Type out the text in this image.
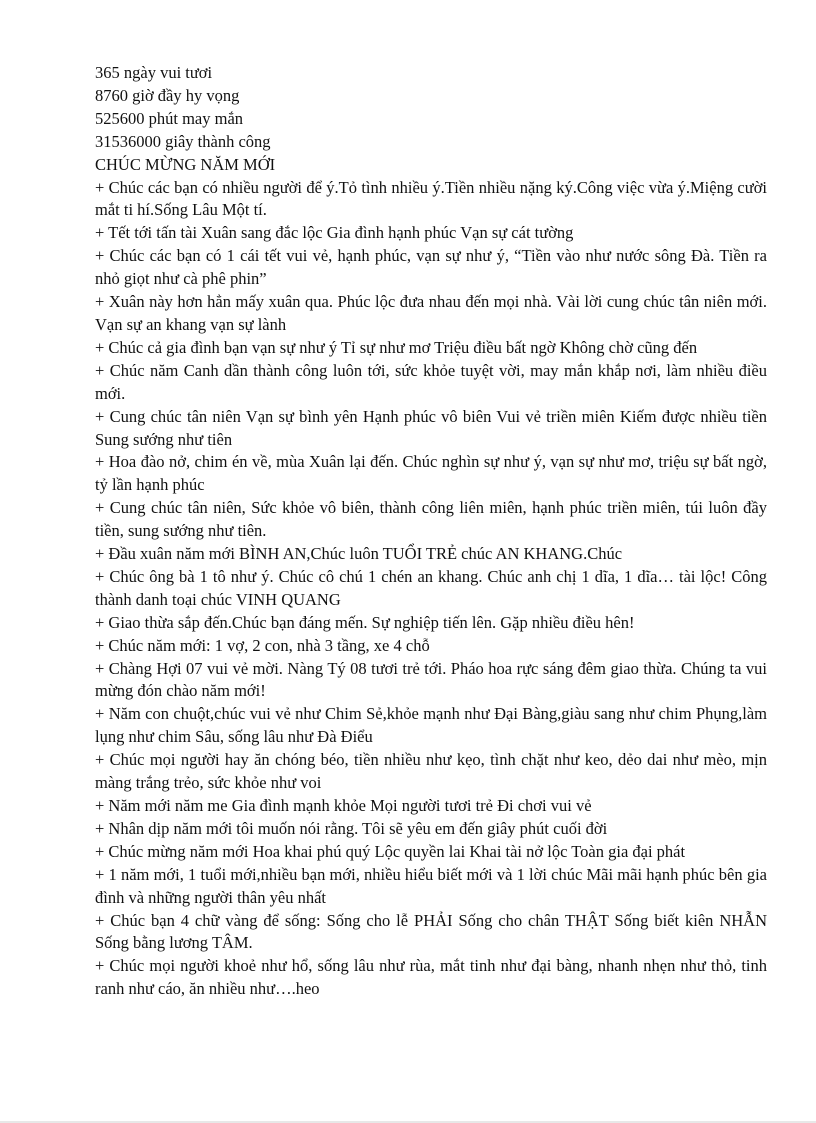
365 ngày vui tươi

8760 giờ đầy hy vọng

525600 phút may mắn

31536000 giây thành công

CHÚC MỪNG NĂM MỚI

+ Chúc các bạn có nhiều người để ý.Tỏ tình nhiều ý.Tiền nhiều nặng ký.Công việc vừa ý.Miệng cười mắt ti hí.Sống Lâu Một tí.

+ Tết tới tấn tài Xuân sang đắc lộc Gia đình hạnh phúc Vạn sự cát tường

+ Chúc các bạn có 1 cái tết vui vẻ, hạnh phúc, vạn sự như ý, “Tiền vào như nước sông Đà. Tiền ra nhỏ giọt như cà phê phin”

+ Xuân này hơn hẳn mấy xuân qua. Phúc lộc đưa nhau đến mọi nhà. Vài lời cung chúc tân niên mới. Vạn sự an khang vạn sự lành

+ Chúc cả gia đình bạn vạn sự như ý Tỉ sự như mơ Triệu điều bất ngờ Không chờ cũng đến

+ Chúc năm Canh dần thành công luôn tới, sức khỏe tuyệt vời, may mắn khắp nơi, làm nhiều điều mới.

+ Cung chúc tân niên Vạn sự bình yên Hạnh phúc vô biên Vui vẻ triền miên Kiếm được nhiều tiền Sung sướng như tiên

+ Hoa đào nở, chim én về, mùa Xuân lại đến. Chúc nghìn sự như ý, vạn sự như mơ, triệu sự bất ngờ, tỷ lần hạnh phúc

+ Cung chúc tân niên, Sức khỏe vô biên, thành công liên miên, hạnh phúc triền miên, túi luôn đầy tiền, sung sướng như tiên.

+ Đầu xuân năm mới BÌNH AN,Chúc luôn TUỔI TRẺ chúc AN KHANG.Chúc

+ Chúc ông bà 1 tô như ý. Chúc cô chú 1 chén an khang. Chúc anh chị 1 dĩa, 1 dĩa… tài lộc! Công thành danh toại chúc VINH QUANG

+ Giao thừa sắp đến.Chúc bạn đáng mến. Sự nghiệp tiến lên. Gặp nhiều điều hên!

+ Chúc năm mới: 1 vợ, 2 con, nhà 3 tầng, xe 4 chỗ

+ Chàng Hợi 07 vui vẻ mời. Nàng Tý 08 tươi trẻ tới. Pháo hoa rực sáng đêm giao thừa. Chúng ta vui mừng đón chào năm mới!

+ Năm con chuột,chúc vui vẻ như Chim Sẻ,khỏe mạnh như Đại Bàng,giàu sang như chim Phụng,làm lụng như chim Sâu, sống lâu như Đà Điểu

+ Chúc mọi người hay ăn chóng béo, tiền nhiều như kẹo, tình chặt như keo, dẻo dai như mèo, mịn màng trắng trẻo, sức khỏe như voi

+ Năm mới năm me Gia đình mạnh khỏe Mọi người tươi trẻ Đi chơi vui vẻ

+ Nhân dịp năm mới tôi muốn nói rằng. Tôi sẽ yêu em đến giây phút cuối đời

+ Chúc mừng năm mới Hoa khai phú quý Lộc quyền lai Khai tài nở lộc Toàn gia đại phát

+ 1 năm mới, 1 tuổi mới,nhiều bạn mới, nhiều hiểu biết mới và 1 lời chúc Mãi mãi hạnh phúc bên gia đình và những người thân yêu nhất

+ Chúc bạn 4 chữ vàng để sống: Sống cho lễ PHẢI Sống cho chân THẬT Sống biết kiên NHẪN Sống bằng lương TÂM.

+ Chúc mọi người khoẻ như hổ, sống lâu như rùa, mắt tinh như đại bàng, nhanh nhẹn như thỏ, tinh ranh như cáo, ăn nhiều như….heo
